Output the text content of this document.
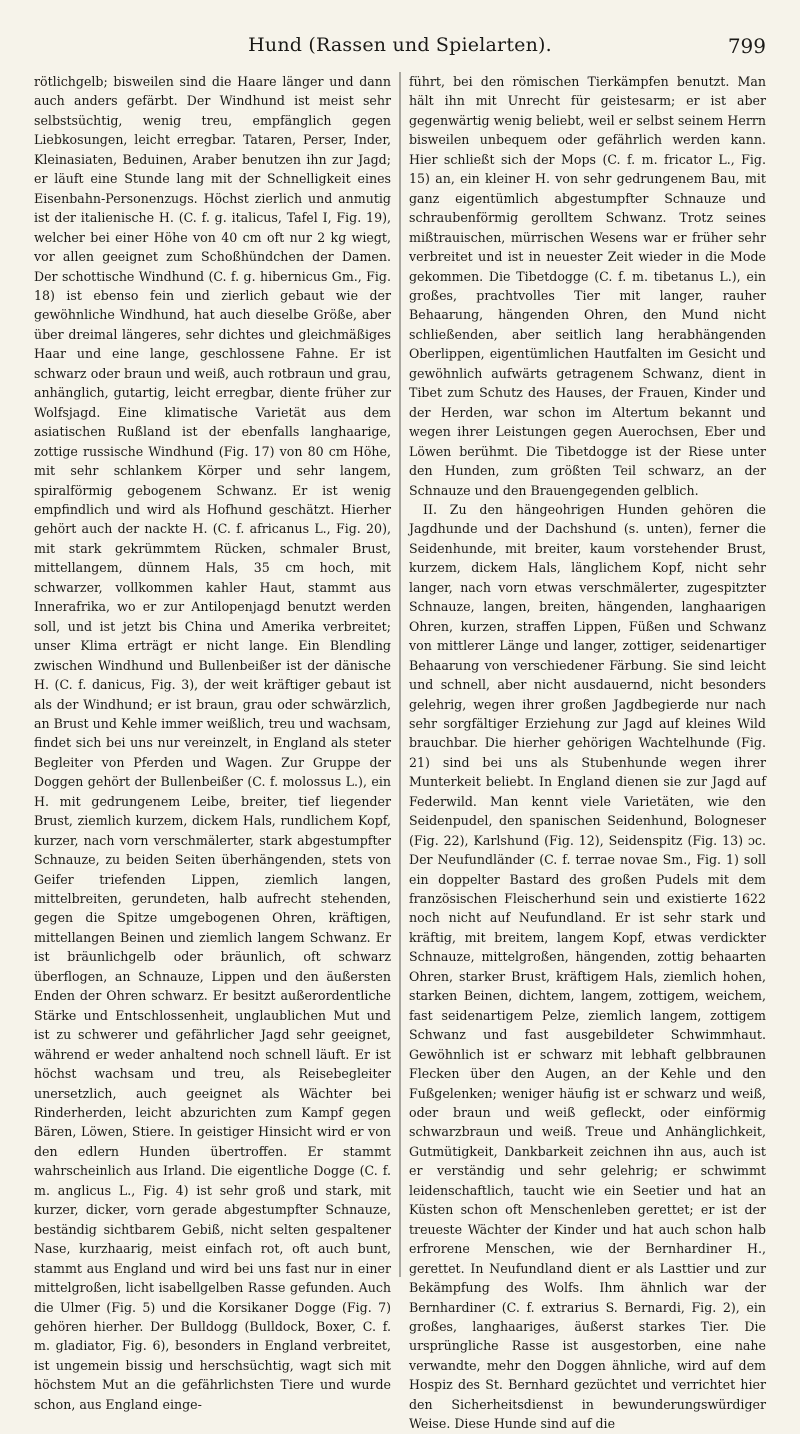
Hund (Rassen und Spielarten).	799

rötlichgelb; bisweilen sind die Haare länger und dann auch anders gefärbt. Der Windhund ist meist sehr selbstsüchtig, wenig treu, empfänglich gegen Liebkosungen, leicht erregbar. Tataren, Perser, Inder, Kleinasiaten, Beduinen, Araber benutzen ihn zur Jagd; er läuft eine Stunde lang mit der Schnelligkeit eines Eisenbahn-Personenzugs. Höchst zierlich und anmutig ist der italienische H. (C. f. g. italicus, Tafel I, Fig. 19), welcher bei einer Höhe von 40 cm oft nur 2 kg wiegt, vor allen geeignet zum Schoßhündchen der Damen. Der schottische Windhund (C. f. g. hibernicus Gm., Fig. 18) ist ebenso fein und zierlich gebaut wie der gewöhnliche Windhund, hat auch dieselbe Größe, aber über dreimal längeres, sehr dichtes und gleichmäßiges Haar und eine lange, geschlossene Fahne. Er ist schwarz oder braun und weiß, auch rotbraun und grau, anhänglich, gutartig, leicht erregbar, diente früher zur Wolfsjagd. Eine klimatische Varietät aus dem asiatischen Rußland ist der ebenfalls langhaarige, zottige russische Windhund (Fig. 17) von 80 cm Höhe, mit sehr schlankem Körper und sehr langem, spiralförmig gebogenem Schwanz. Er ist wenig empfindlich und wird als Hofhund geschätzt. Hierher gehört auch der nackte H. (C. f. africanus L., Fig. 20), mit stark gekrümmtem Rücken, schmaler Brust, mittellangem, dünnem Hals, 35 cm hoch, mit schwarzer, vollkommen kahler Haut, stammt aus Innerafrika, wo er zur Antilopenjagd benutzt werden soll, und ist jetzt bis China und Amerika verbreitet; unser Klima erträgt er nicht lange. Ein Blendling zwischen Windhund und Bullenbeißer ist der dänische H. (C. f. danicus, Fig. 3), der weit kräftiger gebaut ist als der Windhund; er ist braun, grau oder schwärzlich, an Brust und Kehle immer weißlich, treu und wachsam, findet sich bei uns nur vereinzelt, in England als steter Begleiter von Pferden und Wagen. Zur Gruppe der Doggen gehört der Bullenbeißer (C. f. molossus L.), ein H. mit gedrungenem Leibe, breiter, tief liegender Brust, ziemlich kurzem, dickem Hals, rundlichem Kopf, kurzer, nach vorn verschmälerter, stark abgestumpfter Schnauze, zu beiden Seiten überhängenden, stets von Geifer triefenden Lippen, ziemlich langen, mittelbreiten, gerundeten, halb aufrecht stehenden, gegen die Spitze umgebogenen Ohren, kräftigen, mittellangen Beinen und ziemlich langem Schwanz. Er ist bräunlichgelb oder bräunlich, oft schwarz überflogen, an Schnauze, Lippen und den äußersten Enden der Ohren schwarz. Er besitzt außerordentliche Stärke und Entschlossenheit, unglaublichen Mut und ist zu schwerer und gefährlicher Jagd sehr geeignet, während er weder anhaltend noch schnell läuft. Er ist höchst wachsam und treu, als Reisebegleiter unersetzlich, auch geeignet als Wächter bei Rinderherden, leicht abzurichten zum Kampf gegen Bären, Löwen, Stiere. In geistiger Hinsicht wird er von den edlern Hunden übertroffen. Er stammt wahrscheinlich aus Irland. Die eigentliche Dogge (C. f. m. anglicus L., Fig. 4) ist sehr groß und stark, mit kurzer, dicker, vorn gerade abgestumpfter Schnauze, beständig sichtbarem Gebiß, nicht selten gespaltener Nase, kurzhaarig, meist einfach rot, oft auch bunt, stammt aus England und wird bei uns fast nur in einer mittelgroßen, licht isabellgelben Rasse gefunden. Auch die Ulmer (Fig. 5) und die Korsikaner Dogge (Fig. 7) gehören hierher. Der Bulldogg (Bulldock, Boxer, C. f. m. gladiator, Fig. 6), besonders in England verbreitet, ist ungemein bissig und herschsüchtig, wagt sich mit höchstem Mut an die gefährlichsten Tiere und wurde schon, aus England einge-

führt, bei den römischen Tierkämpfen benutzt. Man hält ihn mit Unrecht für geistesarm; er ist aber gegenwärtig wenig beliebt, weil er selbst seinem Herrn bisweilen unbequem oder gefährlich werden kann. Hier schließt sich der Mops (C. f. m. fricator L., Fig. 15) an, ein kleiner H. von sehr gedrungenem Bau, mit ganz eigentümlich abgestumpfter Schnauze und schraubenförmig gerolltem Schwanz. Trotz seines mißtrauischen, mürrischen Wesens war er früher sehr verbreitet und ist in neuester Zeit wieder in die Mode gekommen. Die Tibetdogge (C. f. m. tibetanus L.), ein großes, prachtvolles Tier mit langer, rauher Behaarung, hängenden Ohren, den Mund nicht schließenden, aber seitlich lang herabhängenden Oberlippen, eigentümlichen Hautfalten im Gesicht und gewöhnlich aufwärts getragenem Schwanz, dient in Tibet zum Schutz des Hauses, der Frauen, Kinder und der Herden, war schon im Altertum bekannt und wegen ihrer Leistungen gegen Auerochsen, Eber und Löwen berühmt. Die Tibetdogge ist der Riese unter den Hunden, zum größten Teil schwarz, an der Schnauze und den Brauengegenden gelblich.

II. Zu den hängeohrigen Hunden gehören die Jagdhunde und der Dachshund (s. unten), ferner die Seidenhunde, mit breiter, kaum vorstehender Brust, kurzem, dickem Hals, länglichem Kopf, nicht sehr langer, nach vorn etwas verschmälerter, zugespitzter Schnauze, langen, breiten, hängenden, langhaarigen Ohren, kurzen, straffen Lippen, Füßen und Schwanz von mittlerer Länge und langer, zottiger, seidenartiger Behaarung von verschiedener Färbung. Sie sind leicht und schnell, aber nicht ausdauernd, nicht besonders gelehrig, wegen ihrer großen Jagdbegierde nur nach sehr sorgfältiger Erziehung zur Jagd auf kleines Wild brauchbar. Die hierher gehörigen Wachtelhunde (Fig. 21) sind bei uns als Stubenhunde wegen ihrer Munterkeit beliebt. In England dienen sie zur Jagd auf Federwild. Man kennt viele Varietäten, wie den Seidenpudel, den spanischen Seidenhund, Bologneser (Fig. 22), Karlshund (Fig. 12), Seidenspitz (Fig. 13) ɔc. Der Neufundländer (C. f. terrae novae Sm., Fig. 1) soll ein doppelter Bastard des großen Pudels mit dem französischen Fleischerhund sein und existierte 1622 noch nicht auf Neufundland. Er ist sehr stark und kräftig, mit breitem, langem Kopf, etwas verdickter Schnauze, mittelgroßen, hängenden, zottig behaarten Ohren, starker Brust, kräftigem Hals, ziemlich hohen, starken Beinen, dichtem, langem, zottigem, weichem, fast seidenartigem Pelze, ziemlich langem, zottigem Schwanz und fast ausgebildeter Schwimmhaut. Gewöhnlich ist er schwarz mit lebhaft gelbbraunen Flecken über den Augen, an der Kehle und den Fußgelenken; weniger häufig ist er schwarz und weiß, oder braun und weiß gefleckt, oder einförmig schwarzbraun und weiß. Treue und Anhänglichkeit, Gutmütigkeit, Dankbarkeit zeichnen ihn aus, auch ist er verständig und sehr gelehrig; er schwimmt leidenschaftlich, taucht wie ein Seetier und hat an Küsten schon oft Menschenleben gerettet; er ist der treueste Wächter der Kinder und hat auch schon halb erfrorene Menschen, wie der Bernhardiner H., gerettet. In Neufundland dient er als Lasttier und zur Bekämpfung des Wolfs. Ihm ähnlich war der Bernhardiner (C. f. extrarius S. Bernardi, Fig. 2), ein großes, langhaariges, äußerst starkes Tier. Die ursprüngliche Rasse ist ausgestorben, eine nahe verwandte, mehr den Doggen ähnliche, wird auf dem Hospiz des St. Bernhard gezüchtet und verrichtet hier den Sicherheitsdienst in bewunderungswürdiger Weise. Diese Hunde sind auf die
